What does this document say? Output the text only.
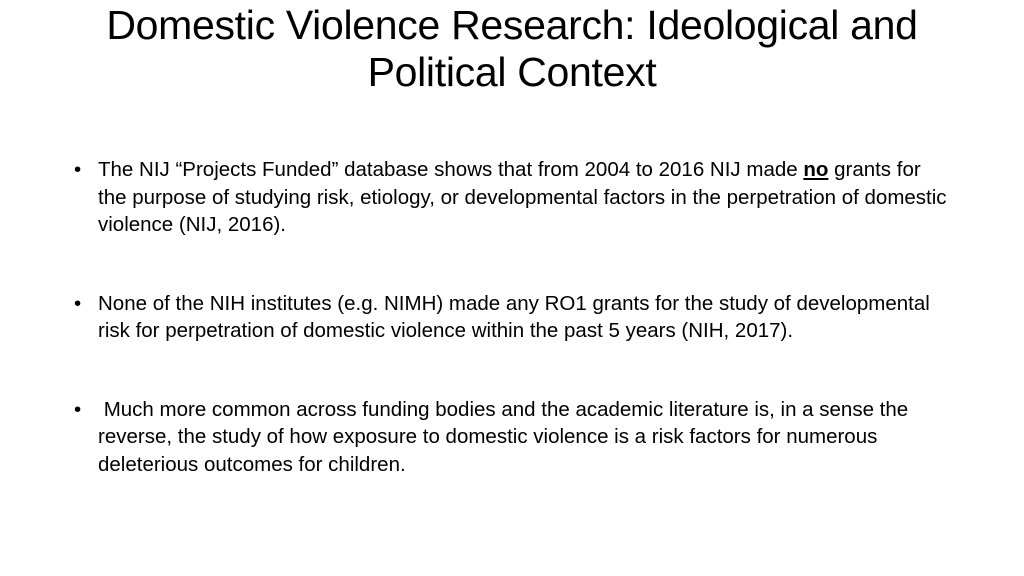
Domestic Violence Research: Ideological and Political Context
• The NIJ “Projects Funded” database shows that from 2004 to 2016 NIJ made no grants for the purpose of studying risk, etiology, or developmental factors in the perpetration of domestic violence (NIJ, 2016).
• None of the NIH institutes (e.g. NIMH) made any RO1 grants for the study of developmental risk for perpetration of domestic violence within the past 5 years (NIH, 2017).
• Much more common across funding bodies and the academic literature is, in a sense the reverse, the study of how exposure to domestic violence is a risk factors for numerous deleterious outcomes for children.
